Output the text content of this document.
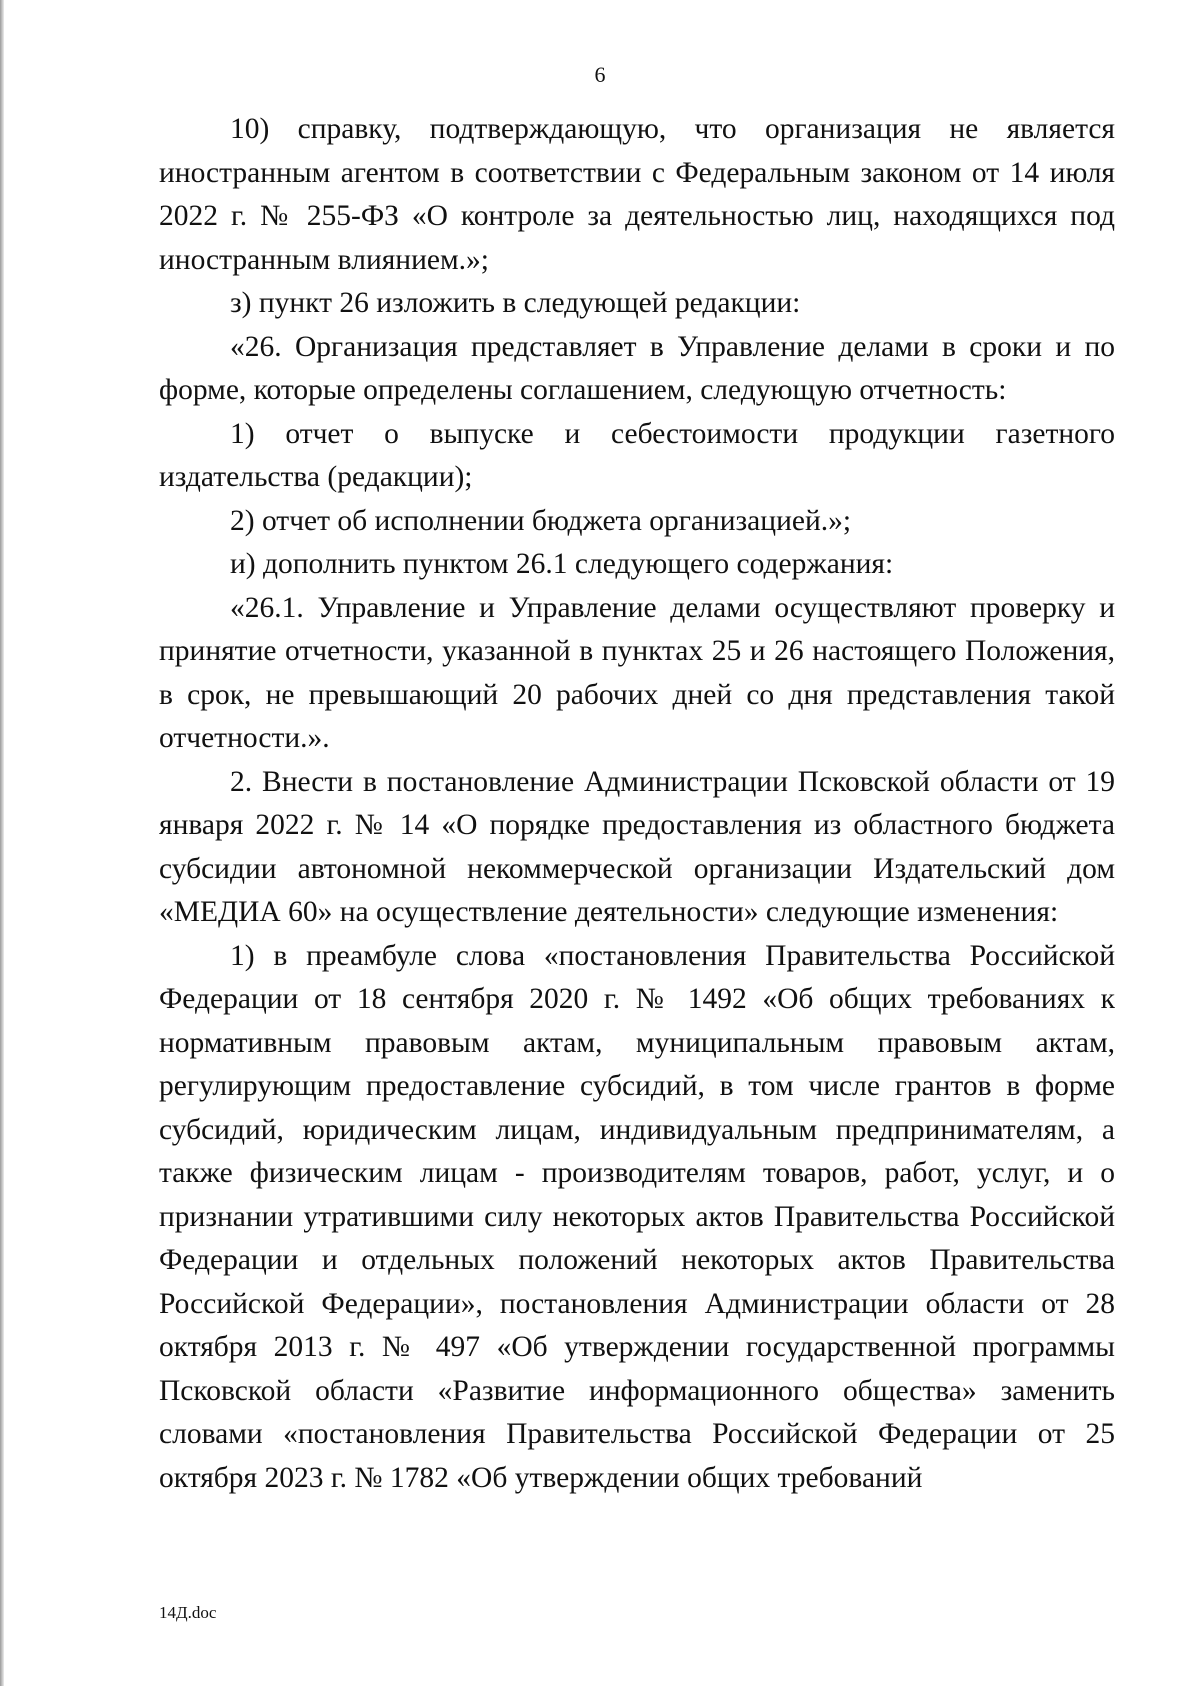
6

10) справку, подтверждающую, что организация не является иностранным агентом в соответствии с Федеральным законом от 14 июля 2022 г. № 255-ФЗ «О контроле за деятельностью лиц, находящихся под иностранным влиянием.»;

з) пункт 26 изложить в следующей редакции:

«26. Организация представляет в Управление делами в сроки и по форме, которые определены соглашением, следующую отчетность:

1) отчет о выпуске и себестоимости продукции газетного издательства (редакции);

2) отчет об исполнении бюджета организацией.»;

и) дополнить пунктом 26.1 следующего содержания:

«26.1. Управление и Управление делами осуществляют проверку и принятие отчетности, указанной в пунктах 25 и 26 настоящего Положения, в срок, не превышающий 20 рабочих дней со дня представления такой отчетности.».

2. Внести в постановление Администрации Псковской области от 19 января 2022 г. № 14 «О порядке предоставления из областного бюджета субсидии автономной некоммерческой организации Издательский дом «МЕДИА 60» на осуществление деятельности» следующие изменения:

1) в преамбуле слова «постановления Правительства Российской Федерации от 18 сентября 2020 г. № 1492 «Об общих требованиях к нормативным правовым актам, муниципальным правовым актам, регулирующим предоставление субсидий, в том числе грантов в форме субсидий, юридическим лицам, индивидуальным предпринимателям, а также физическим лицам - производителям товаров, работ, услуг, и о признании утратившими силу некоторых актов Правительства Российской Федерации и отдельных положений некоторых актов Правительства Российской Федерации», постановления Администрации области от 28 октября 2013 г. № 497 «Об утверждении государственной программы Псковской области «Развитие информационного общества» заменить словами «постановления Правительства Российской Федерации от 25 октября 2023 г. № 1782 «Об утверждении общих требований

14Д.doc
